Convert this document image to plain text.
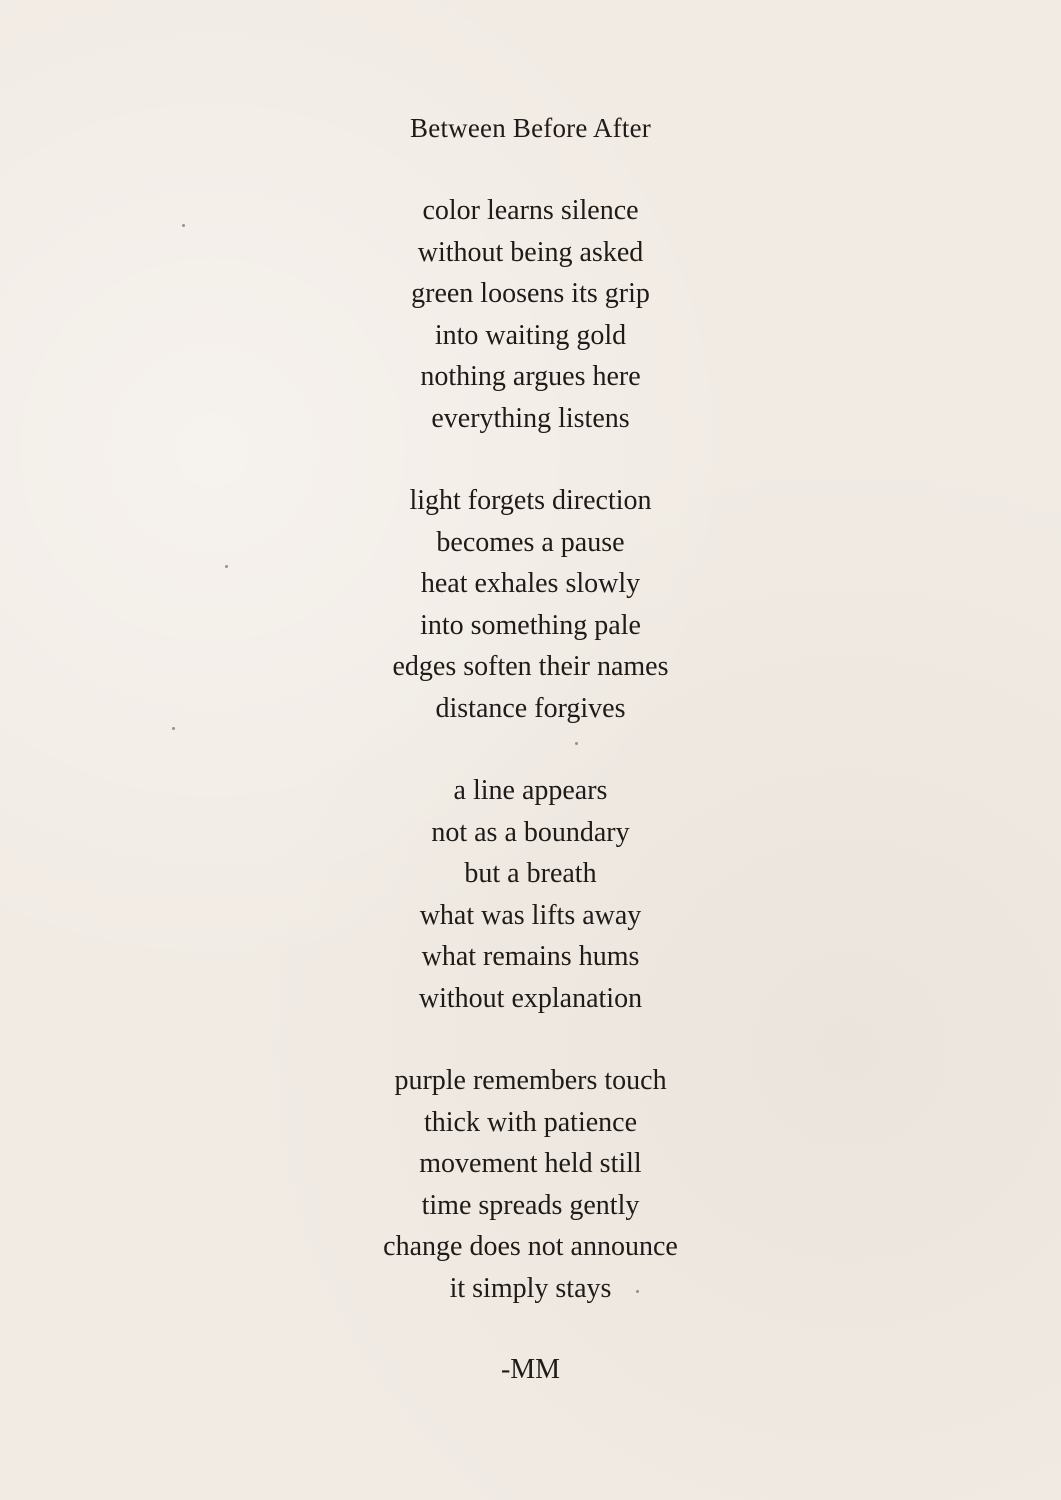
Between Before After
color learns silence
without being asked
green loosens its grip
into waiting gold
nothing argues here
everything listens
light forgets direction
becomes a pause
heat exhales slowly
into something pale
edges soften their names
distance forgives
a line appears
not as a boundary
but a breath
what was lifts away
what remains hums
without explanation
purple remembers touch
thick with patience
movement held still
time spreads gently
change does not announce
it simply stays
-MM
